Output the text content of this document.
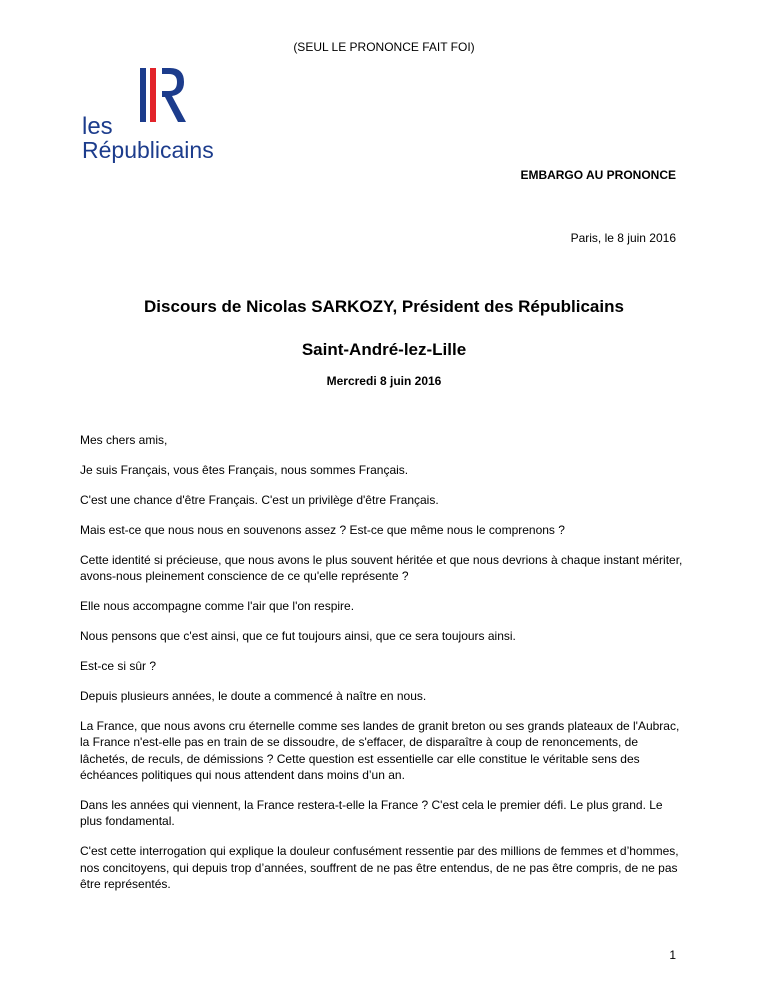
(SEUL LE PRONONCE FAIT FOI)
les
Républicains
EMBARGO AU PRONONCE
Paris, le 8 juin 2016
Discours de Nicolas SARKOZY, Président des Républicains
Saint-André-lez-Lille
Mercredi 8 juin 2016

Mes chers amis,

Je suis Français, vous êtes Français, nous sommes Français.

C'est une chance d'être Français. C'est un privilège d'être Français.

Mais est-ce que nous nous en souvenons assez ? Est-ce que même nous le comprenons ?

Cette identité si précieuse, que nous avons le plus souvent héritée et que nous devrions à chaque instant mériter, avons-nous pleinement conscience de ce qu'elle représente ?

Elle nous accompagne comme l'air que l'on respire.

Nous pensons que c'est ainsi, que ce fut toujours ainsi, que ce sera toujours ainsi.

Est-ce si sûr ?

Depuis plusieurs années, le doute a commencé à naître en nous.

La France, que nous avons cru éternelle comme ses landes de granit breton ou ses grands plateaux de l'Aubrac, la France n'est-elle pas en train de se dissoudre, de s'effacer, de disparaître à coup de renoncements, de lâchetés, de reculs, de démissions ? Cette question est essentielle car elle constitue le véritable sens des échéances politiques qui nous attendent dans moins d’un an.

Dans les années qui viennent, la France restera-t-elle la France ? C'est cela le premier défi. Le plus grand. Le plus fondamental.

C'est cette interrogation qui explique la douleur confusément ressentie par des millions de femmes et d’hommes, nos concitoyens, qui depuis trop d’années, souffrent de ne pas être entendus, de ne pas être compris, de ne pas être représentés.

1
